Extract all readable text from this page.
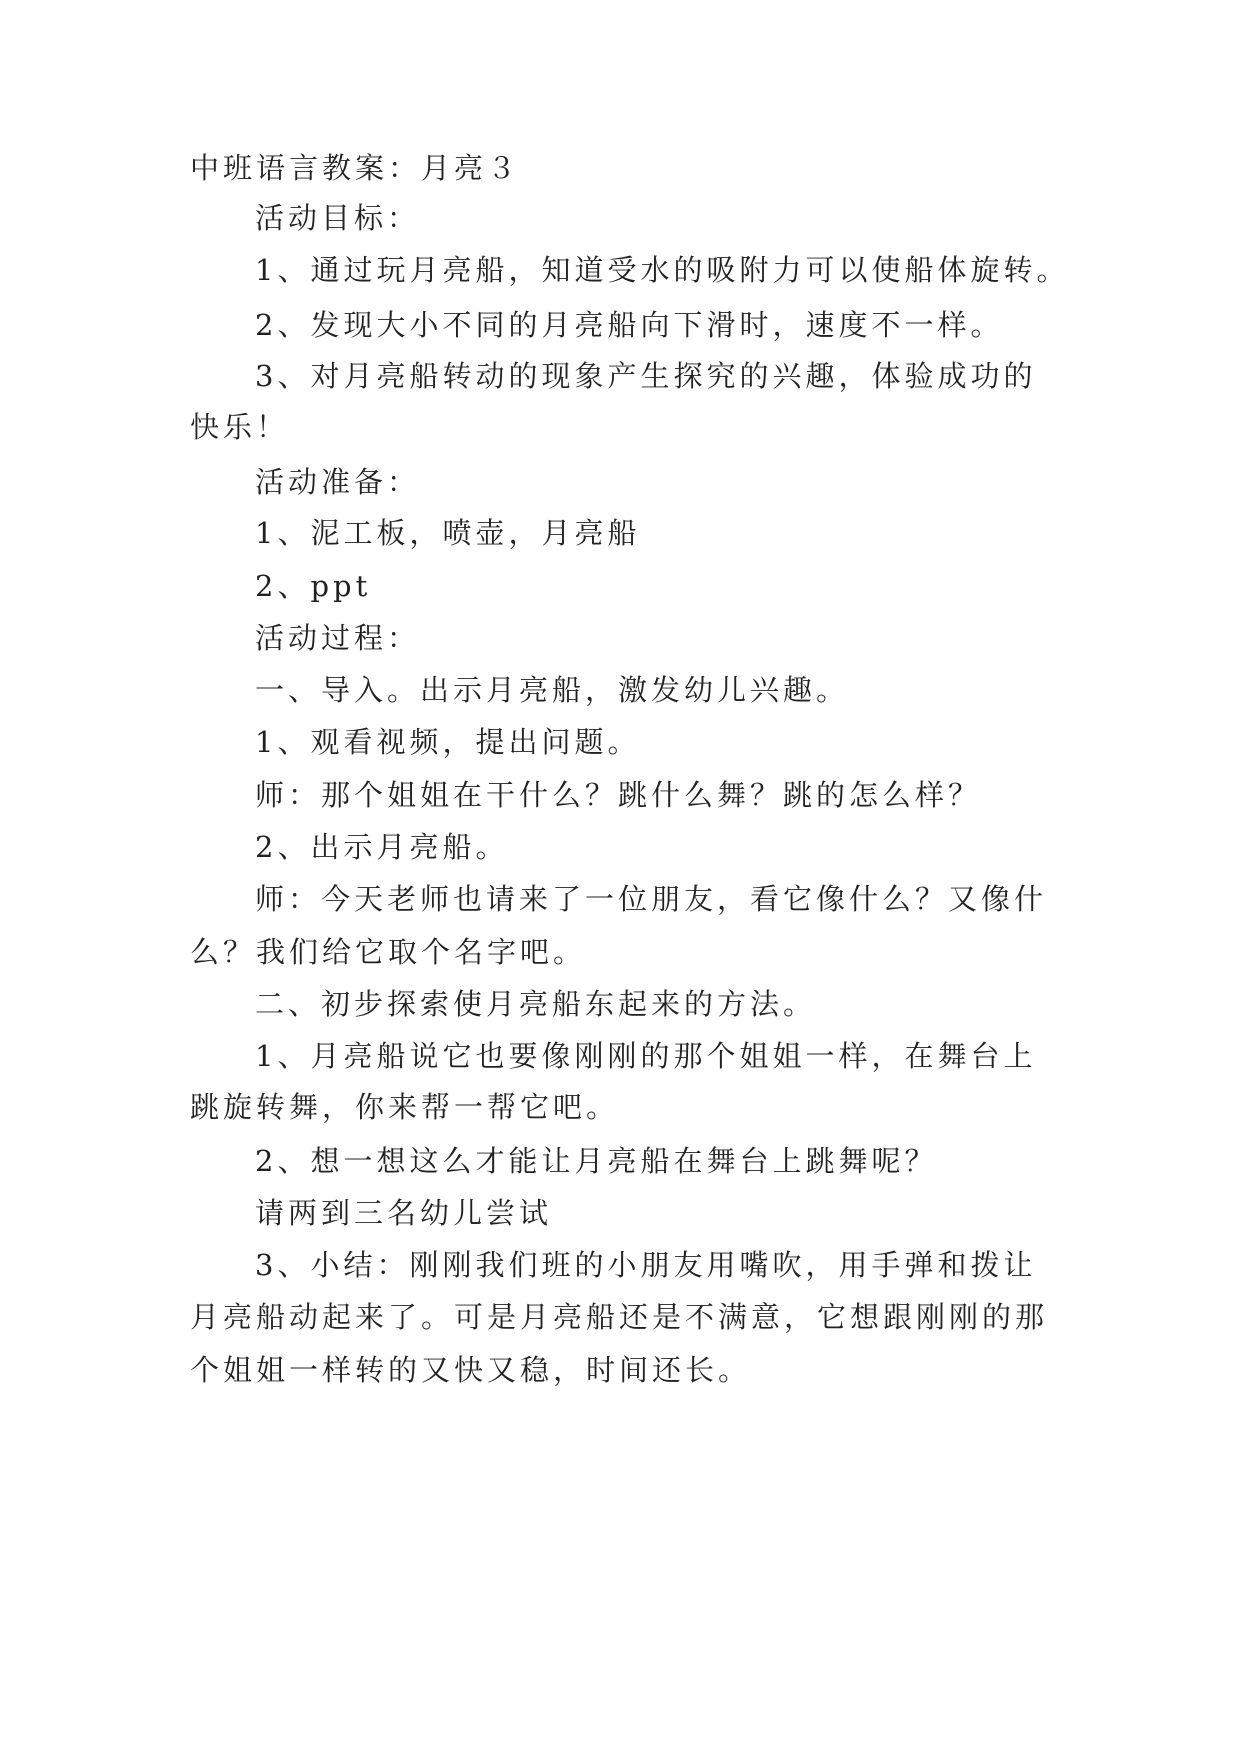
中班语言教案：月亮３
活动目标：
1、通过玩月亮船，知道受水的吸附力可以使船体旋转。
2、发现大小不同的月亮船向下滑时，速度不一样。
3、对月亮船转动的现象产生探究的兴趣，体验成功的
快乐！
活动准备：
1、泥工板，喷壶，月亮船
2、ppt
活动过程：
一、导入。出示月亮船，激发幼儿兴趣。
1、观看视频，提出问题。
师：那个姐姐在干什么？跳什么舞？跳的怎么样？
2、出示月亮船。
师：今天老师也请来了一位朋友，看它像什么？又像什
么？我们给它取个名字吧。
二、初步探索使月亮船东起来的方法。
1、月亮船说它也要像刚刚的那个姐姐一样，在舞台上
跳旋转舞，你来帮一帮它吧。
2、想一想这么才能让月亮船在舞台上跳舞呢？
请两到三名幼儿尝试
3、小结：刚刚我们班的小朋友用嘴吹，用手弹和拨让
月亮船动起来了。可是月亮船还是不满意，它想跟刚刚的那
个姐姐一样转的又快又稳，时间还长。
